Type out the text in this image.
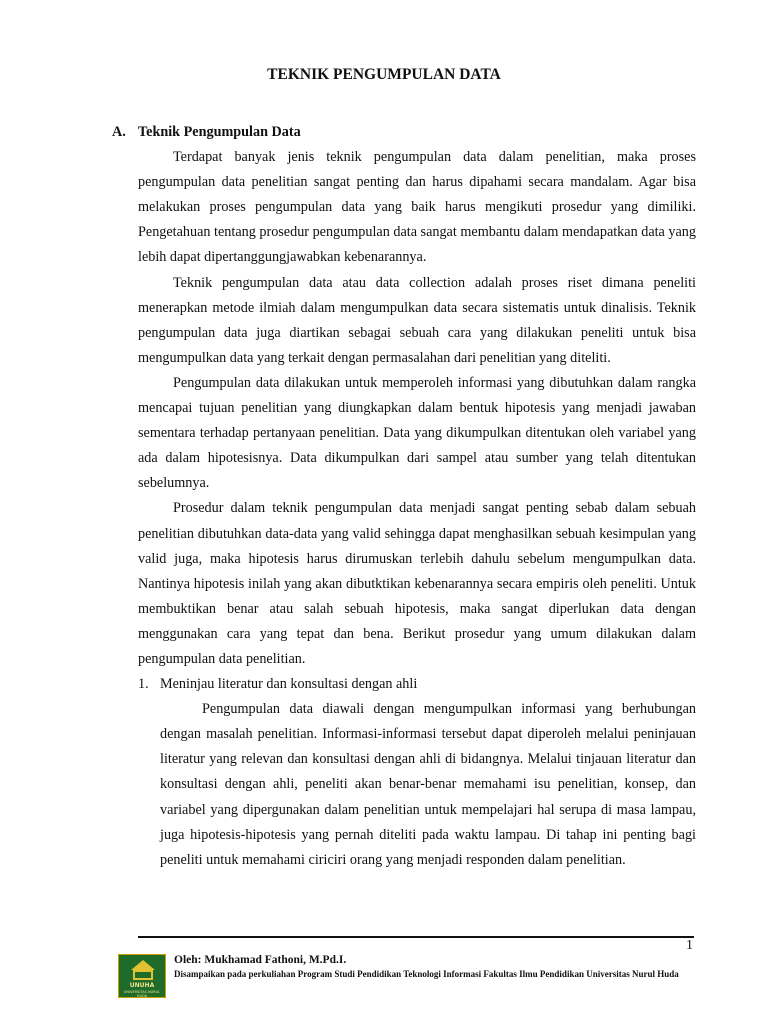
TEKNIK PENGUMPULAN DATA
A. Teknik Pengumpulan Data

Terdapat banyak jenis teknik pengumpulan data dalam penelitian, maka proses pengumpulan data penelitian sangat penting dan harus dipahami secara mandalam. Agar bisa melakukan proses pengumpulan data yang baik harus mengikuti prosedur yang dimiliki. Pengetahuan tentang prosedur pengumpulan data sangat membantu dalam mendapatkan data yang lebih dapat dipertanggungjawabkan kebenarannya.

Teknik pengumpulan data atau data collection adalah proses riset dimana peneliti menerapkan metode ilmiah dalam mengumpulkan data secara sistematis untuk dinalisis. Teknik pengumpulan data juga diartikan sebagai sebuah cara yang dilakukan peneliti untuk bisa mengumpulkan data yang terkait dengan permasalahan dari penelitian yang diteliti.

Pengumpulan data dilakukan untuk memperoleh informasi yang dibutuhkan dalam rangka mencapai tujuan penelitian yang diungkapkan dalam bentuk hipotesis yang menjadi jawaban sementara terhadap pertanyaan penelitian. Data yang dikumpulkan ditentukan oleh variabel yang ada dalam hipotesisnya. Data dikumpulkan dari sampel atau sumber yang telah ditentukan sebelumnya.

Prosedur dalam teknik pengumpulan data menjadi sangat penting sebab dalam sebuah penelitian dibutuhkan data-data yang valid sehingga dapat menghasilkan sebuah kesimpulan yang valid juga, maka hipotesis harus dirumuskan terlebih dahulu sebelum mengumpulkan data. Nantinya hipotesis inilah yang akan dibutktikan kebenarannya secara empiris oleh peneliti. Untuk membuktikan benar atau salah sebuah hipotesis, maka sangat diperlukan data dengan menggunakan cara yang tepat dan bena. Berikut prosedur yang umum dilakukan dalam pengumpulan data penelitian.

1. Meninjau literatur dan konsultasi dengan ahli

Pengumpulan data diawali dengan mengumpulkan informasi yang berhubungan dengan masalah penelitian. Informasi-informasi tersebut dapat diperoleh melalui peninjauan literatur yang relevan dan konsultasi dengan ahli di bidangnya. Melalui tinjauan literatur dan konsultasi dengan ahli, peneliti akan benar-benar memahami isu penelitian, konsep, dan variabel yang dipergunakan dalam penelitian untuk mempelajari hal serupa di masa lampau, juga hipotesis-hipotesis yang pernah diteliti pada waktu lampau. Di tahap ini penting bagi peneliti untuk memahami ciriciri orang yang menjadi responden dalam penelitian.

1
UNUHA
UNIVERSITAS NURUL HUDA
Oleh: Mukhamad Fathoni, M.Pd.I.
Disampaikan pada perkuliahan Program Studi Pendidikan Teknologi Informasi Fakultas Ilmu Pendidikan Universitas Nurul Huda
